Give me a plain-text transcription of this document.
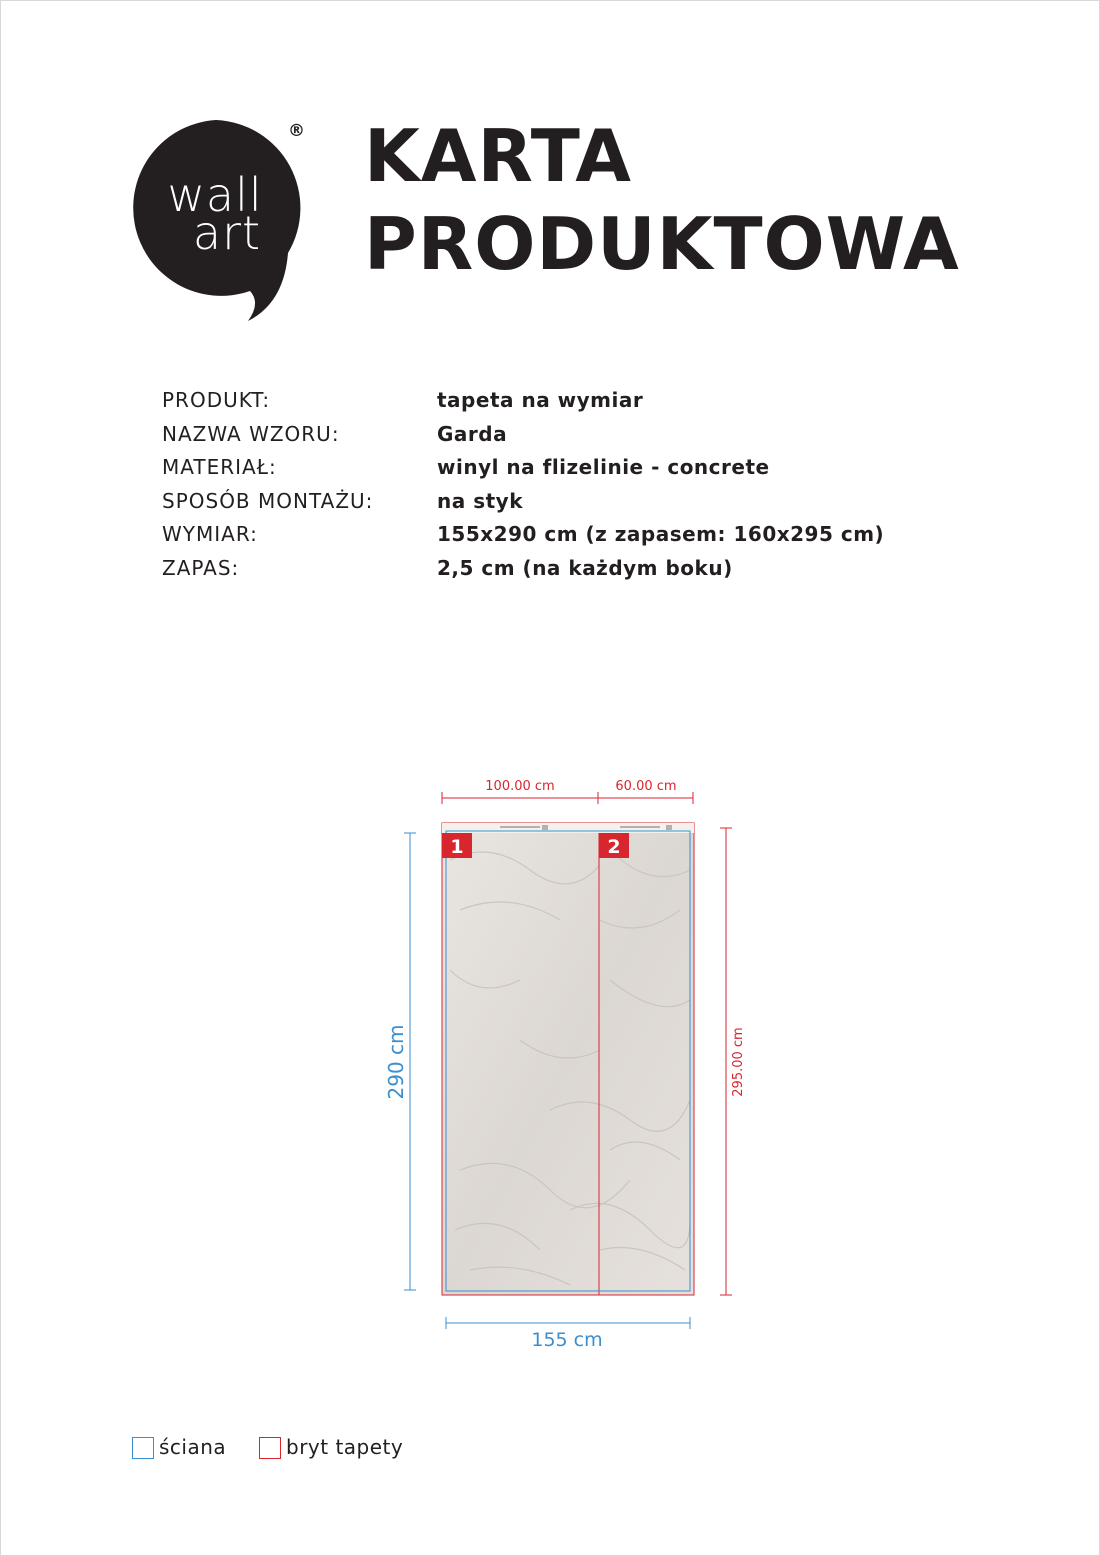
wall
art
® KARTA
PRODUKTOWA
PRODUKT:	tapeta na wymiar
NAZWA WZORU:	Garda
MATERIAŁ:	winyl na flizelinie - concrete
SPOSÓB MONTAŻU:	na styk
WYMIAR:	155x290 cm (z zapasem: 160x295 cm)
ZAPAS:	2,5 cm (na każdym boku)
100.00 cm	60.00 cm
1	2
290 cm	295.00 cm
155 cm
ściana	bryt tapety
